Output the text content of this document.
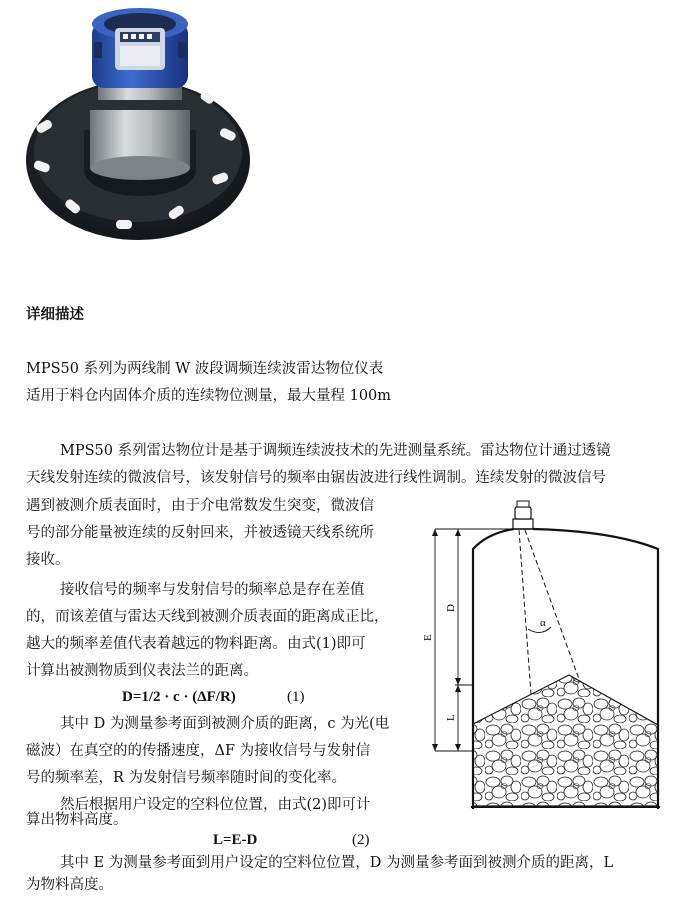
详细描述
MPS50 系列为两线制 W 波段调频连续波雷达物位仪表
适用于料仓内固体介质的连续物位测量，最大量程 100m
MPS50 系列雷达物位计是基于调频连续波技术的先进测量系统。雷达物位计通过透镜
天线发射连续的微波信号，该发射信号的频率由锯齿波进行线性调制。连续发射的微波信号
遇到被测介质表面时，由于介电常数发生突变，微波信
号的部分能量被连续的反射回来，并被透镜天线系统所
接收。
接收信号的频率与发射信号的频率总是存在差值
的，而该差值与雷达天线到被测介质表面的距离成正比，
越大的频率差值代表着越远的物料距离。由式(1)即可
计算出被测物质到仪表法兰的距离。
D=1/2 · c · (ΔF/R)	(1)
其中 D 为测量参考面到被测介质的距离，c 为光(电
磁波）在真空的的传播速度，ΔF 为接收信号与发射信
号的频率差，R 为发射信号频率随时间的变化率。
然后根据用户设定的空料位位置，由式(2)即可计
算出物料高度。
L=E-D	(2)
其中 E 为测量参考面到用户设定的空料位位置，D 为测量参考面到被测介质的距离，L
为物料高度。
α
E
D
L
